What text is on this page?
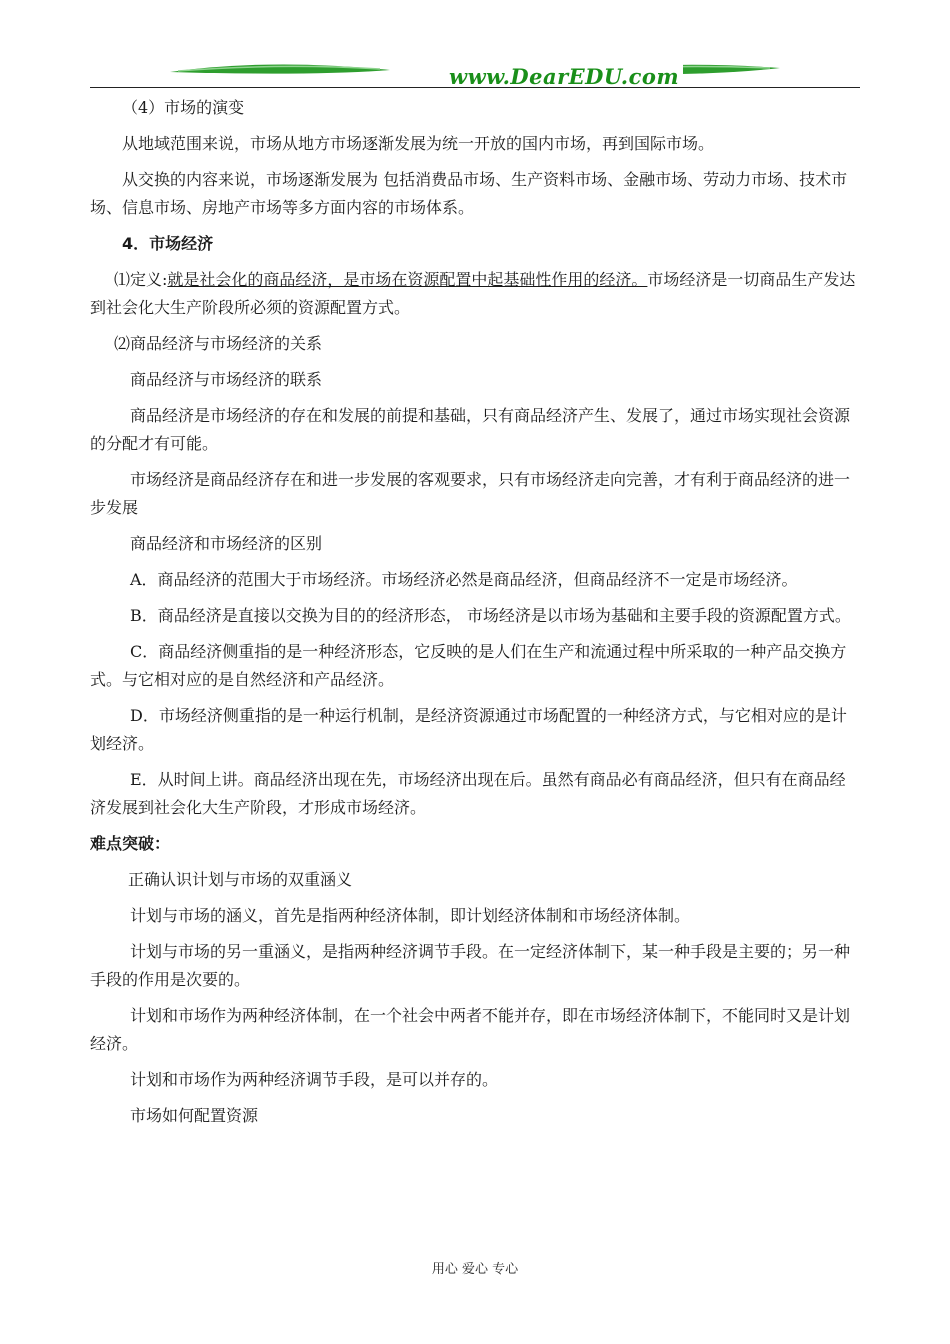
www.DearEDU.com

（4）市场的演变

从地域范围来说，市场从地方市场逐渐发展为统一开放的国内市场，再到国际市场。

从交换的内容来说，市场逐渐发展为 包括消费品市场、生产资料市场、金融市场、劳动力市场、技术市场、信息市场、房地产市场等多方面内容的市场体系。

4．市场经济

⑴定义:就是社会化的商品经济，是市场在资源配置中起基础性作用的经济。市场经济是一切商品生产发达到社会化大生产阶段所必须的资源配置方式。

⑵商品经济与市场经济的关系

商品经济与市场经济的联系

商品经济是市场经济的存在和发展的前提和基础，只有商品经济产生、发展了，通过市场实现社会资源的分配才有可能。

市场经济是商品经济存在和进一步发展的客观要求，只有市场经济走向完善，才有利于商品经济的进一步发展

商品经济和市场经济的区别

A．商品经济的范围大于市场经济。市场经济必然是商品经济，但商品经济不一定是市场经济。

B．商品经济是直接以交换为目的的经济形态， 市场经济是以市场为基础和主要手段的资源配置方式。

C．商品经济侧重指的是一种经济形态，它反映的是人们在生产和流通过程中所采取的一种产品交换方式。与它相对应的是自然经济和产品经济。

D．市场经济侧重指的是一种运行机制，是经济资源通过市场配置的一种经济方式，与它相对应的是计划经济。

E．从时间上讲。商品经济出现在先，市场经济出现在后。虽然有商品必有商品经济，但只有在商品经济发展到社会化大生产阶段，才形成市场经济。

难点突破：

正确认识计划与市场的双重涵义

计划与市场的涵义，首先是指两种经济体制，即计划经济体制和市场经济体制。

计划与市场的另一重涵义，是指两种经济调节手段。在一定经济体制下，某一种手段是主要的；另一种手段的作用是次要的。

计划和市场作为两种经济体制，在一个社会中两者不能并存，即在市场经济体制下，不能同时又是计划经济。

计划和市场作为两种经济调节手段，是可以并存的。

市场如何配置资源

用心 爱心 专心
